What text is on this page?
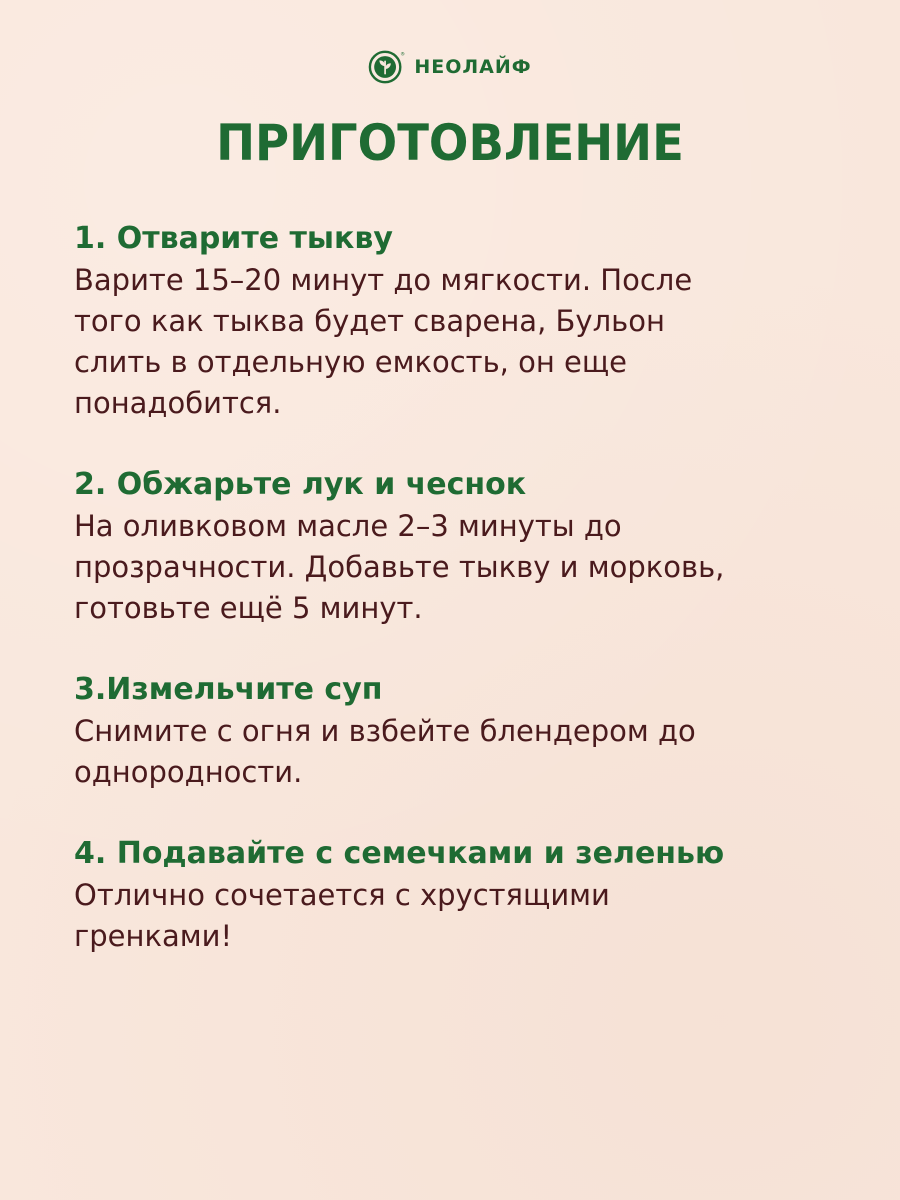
®
НЕОЛАЙФ
ПРИГОТОВЛЕНИЕ

1. Отварите тыкву

Варите 15–20 минут до мягкости. После

того как тыква будет сварена, Бульон

слить в отдельную емкость, он еще

понадобится.

2. Обжарьте лук и чеснок

На оливковом масле 2–3 минуты до

прозрачности. Добавьте тыкву и морковь,

готовьте ещё 5 минут.

3.Измельчите суп

Снимите с огня и взбейте блендером до

однородности.

4. Подавайте с семечками и зеленью

Отлично сочетается с хрустящими

гренками!
